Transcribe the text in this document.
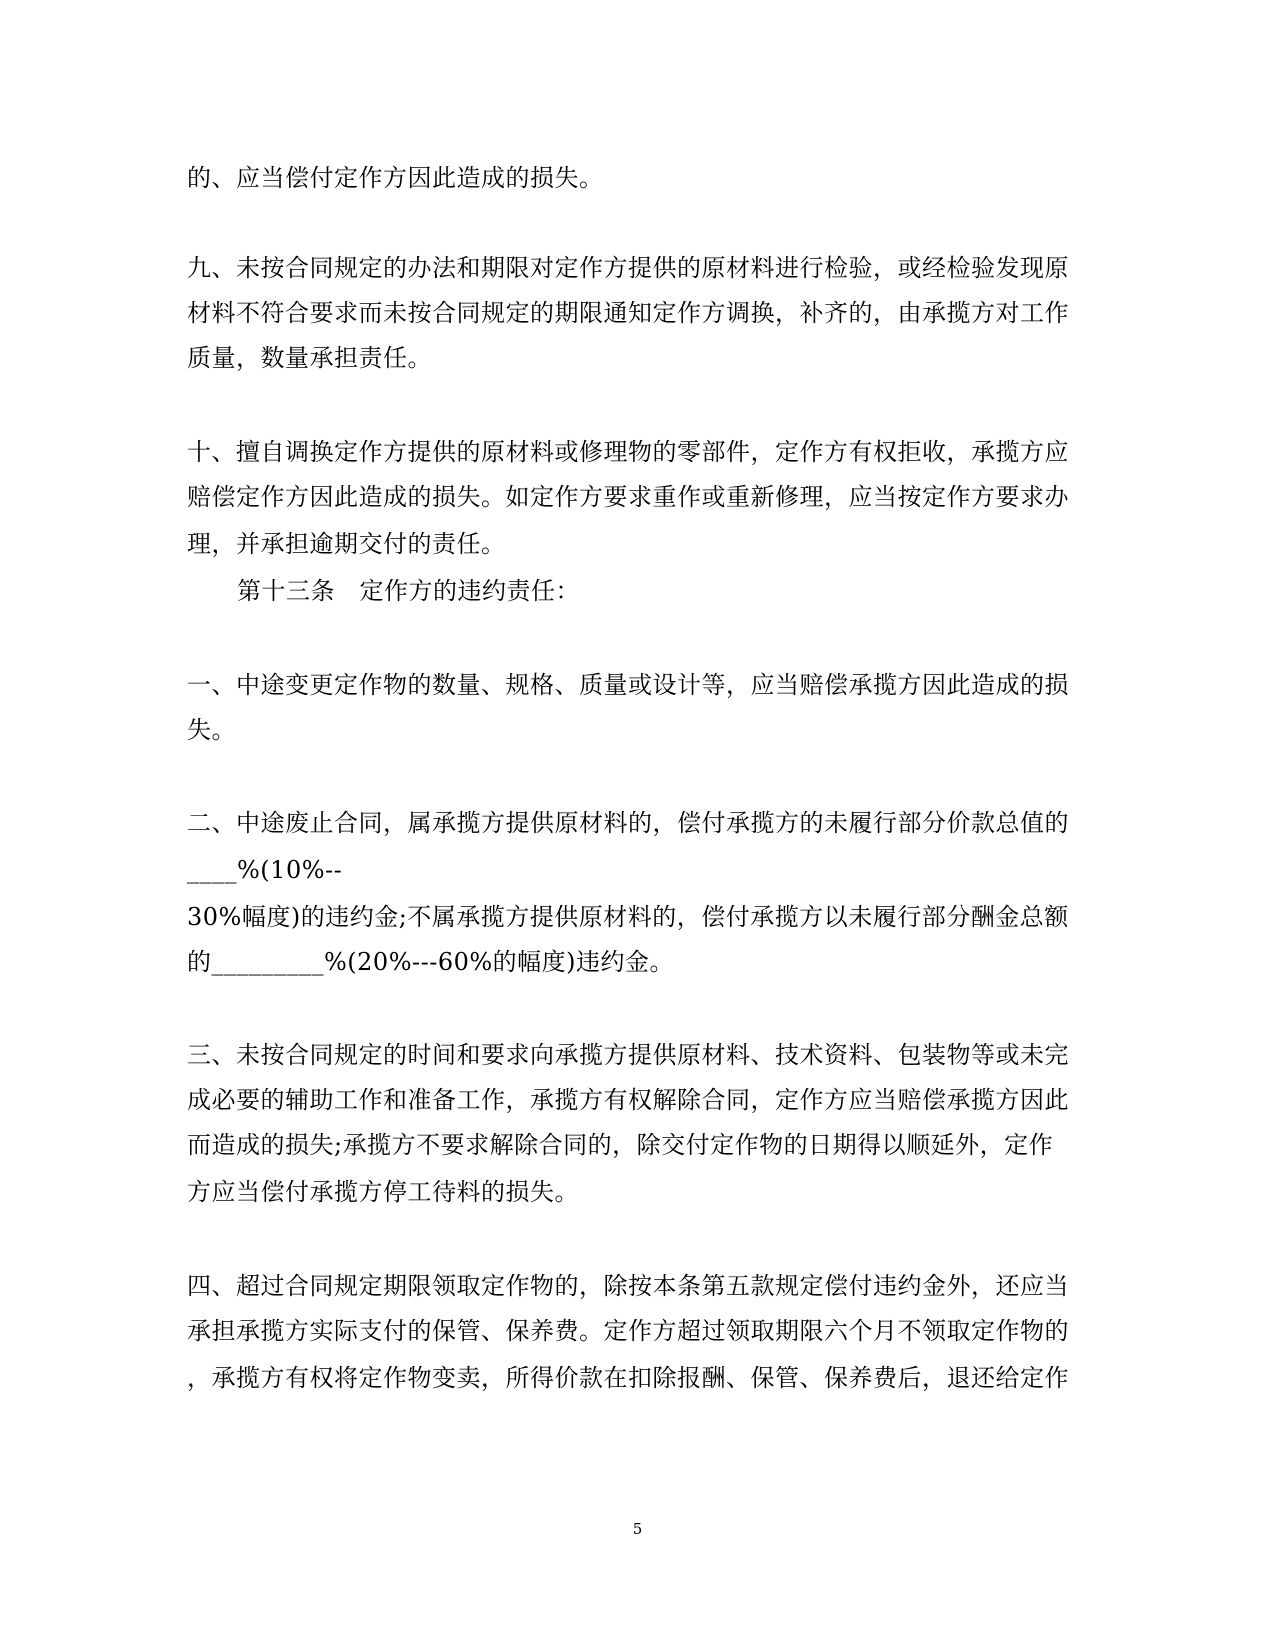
的、应当偿付定作方因此造成的损失。
九、未按合同规定的办法和期限对定作方提供的原材料进行检验，或经检验发现原
材料不符合要求而未按合同规定的期限通知定作方调换，补齐的，由承揽方对工作
质量，数量承担责任。
十、擅自调换定作方提供的原材料或修理物的零部件，定作方有权拒收，承揽方应
赔偿定作方因此造成的损失。如定作方要求重作或重新修理，应当按定作方要求办
理，并承担逾期交付的责任。
第十三条　定作方的违约责任：
一、中途变更定作物的数量、规格、质量或设计等，应当赔偿承揽方因此造成的损
失。
二、中途废止合同，属承揽方提供原材料的，偿付承揽方的未履行部分价款总值的
____%(10%--
30%幅度)的违约金;不属承揽方提供原材料的，偿付承揽方以未履行部分酬金总额
的_________%(20%---60%的幅度)违约金。
三、未按合同规定的时间和要求向承揽方提供原材料、技术资料、包装物等或未完
成必要的辅助工作和准备工作，承揽方有权解除合同，定作方应当赔偿承揽方因此
而造成的损失;承揽方不要求解除合同的，除交付定作物的日期得以顺延外，定作
方应当偿付承揽方停工待料的损失。
四、超过合同规定期限领取定作物的，除按本条第五款规定偿付违约金外，还应当
承担承揽方实际支付的保管、保养费。定作方超过领取期限六个月不领取定作物的
，承揽方有权将定作物变卖，所得价款在扣除报酬、保管、保养费后，退还给定作
5
